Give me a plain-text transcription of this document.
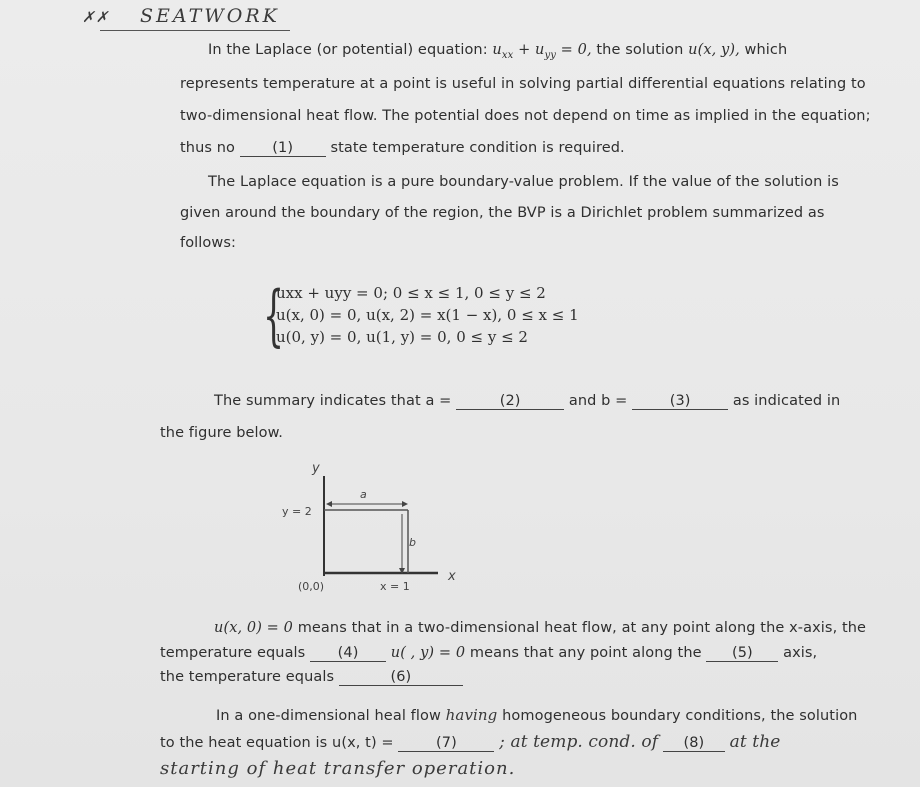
✗✗ SEATWORK
In the Laplace (or potential) equation: $u_{xx} + u_{yy} = 0$, the solution u(x, y), which
represents temperature at a point is useful in solving partial differential equations relating to
two-dimensional heat flow. The potential does not depend on time as implied in the equation;
thus no	(1)	state temperature condition is required.
The Laplace equation is a pure boundary-value problem. If the value of the solution is
given around the boundary of the region, the BVP is a Dirichlet problem summarized as
follows:
{
uxx + uyy = 0; 0 ≤ x ≤ 1, 0 ≤ y ≤ 2
u(x, 0) = 0, u(x, 2) = x(1 − x), 0 ≤ x ≤ 1
u(0, y) = 0, u(1, y) = 0, 0 ≤ y ≤ 2
The summary indicates that a =	(2)	and b =	(3)	as indicated in
the figure below.
y
x
y = 2
a
b
(0,0)	x = 1
u(x, 0) = 0 means that in a two-dimensional heat flow, at any point along the x-axis, the
temperature equals (4) u( , y) = 0 means that any point along the (5) axis,
the temperature equals	(6)
In a one-dimensional heal flow having homogeneous boundary conditions, the solution
to the heat equation is u(x, t) =	(7) ; at temp. cond. of (8) at the
starting of heat transfer operation.
